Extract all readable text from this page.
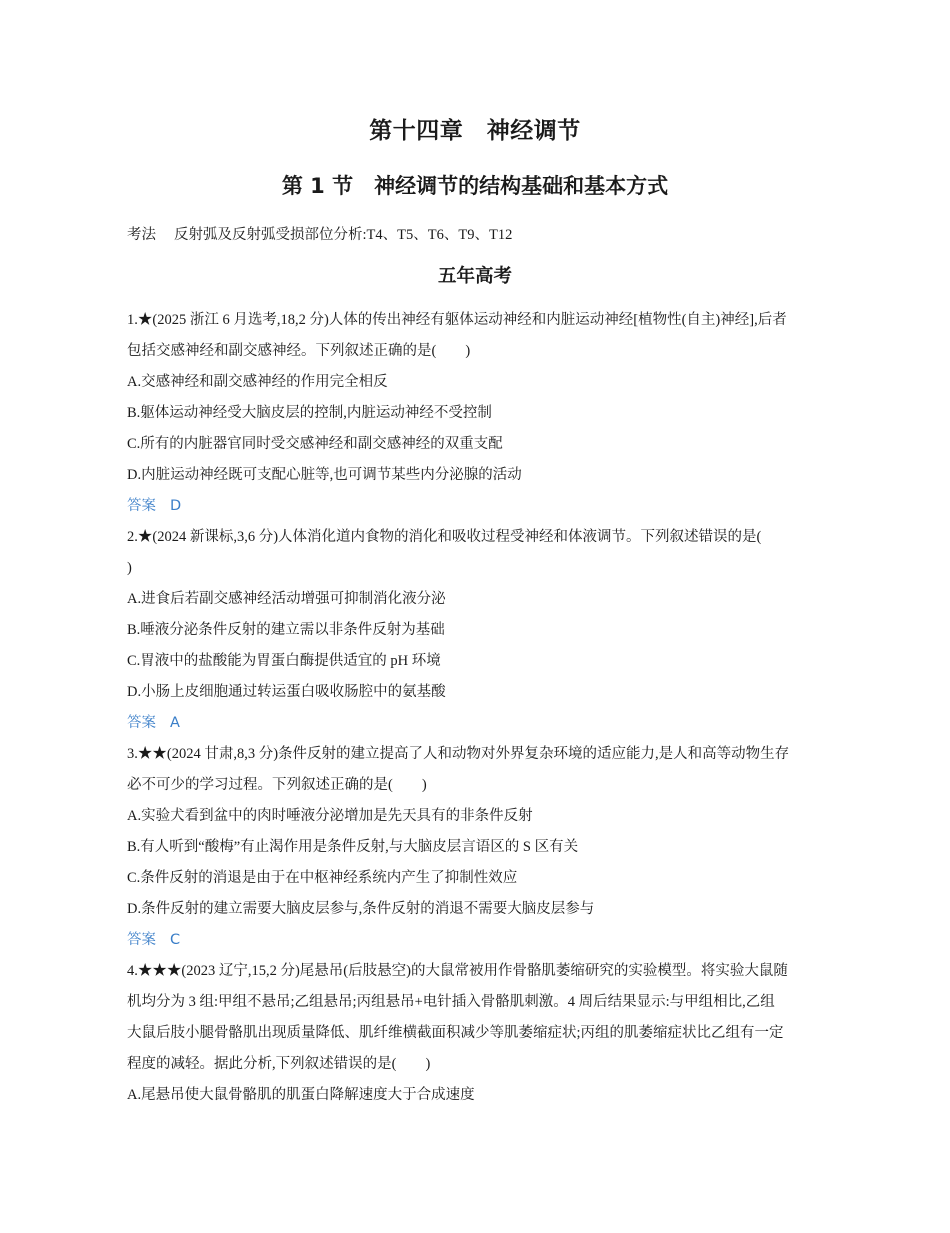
第十四章　神经调节
第 1 节　神经调节的结构基础和基本方式
考法 反射弧及反射弧受损部位分析:T4、T5、T6、T9、T12
五年高考
1.★(2025 浙江 6 月选考,18,2 分)人体的传出神经有躯体运动神经和内脏运动神经[植物性(自主)神经],后者
包括交感神经和副交感神经。下列叙述正确的是(　　)
A.交感神经和副交感神经的作用完全相反
B.躯体运动神经受大脑皮层的控制,内脏运动神经不受控制
C.所有的内脏器官同时受交感神经和副交感神经的双重支配
D.内脏运动神经既可支配心脏等,也可调节某些内分泌腺的活动
答案 D
2.★(2024 新课标,3,6 分)人体消化道内食物的消化和吸收过程受神经和体液调节。下列叙述错误的是(
)
A.进食后若副交感神经活动增强可抑制消化液分泌
B.唾液分泌条件反射的建立需以非条件反射为基础
C.胃液中的盐酸能为胃蛋白酶提供适宜的 pH 环境
D.小肠上皮细胞通过转运蛋白吸收肠腔中的氨基酸
答案 A
3.★★(2024 甘肃,8,3 分)条件反射的建立提高了人和动物对外界复杂环境的适应能力,是人和高等动物生存
必不可少的学习过程。下列叙述正确的是(　　)
A.实验犬看到盆中的肉时唾液分泌增加是先天具有的非条件反射
B.有人听到“酸梅”有止渴作用是条件反射,与大脑皮层言语区的 S 区有关
C.条件反射的消退是由于在中枢神经系统内产生了抑制性效应
D.条件反射的建立需要大脑皮层参与,条件反射的消退不需要大脑皮层参与
答案 C
4.★★★(2023 辽宁,15,2 分)尾悬吊(后肢悬空)的大鼠常被用作骨骼肌萎缩研究的实验模型。将实验大鼠随
机均分为 3 组:甲组不悬吊;乙组悬吊;丙组悬吊+电针插入骨骼肌刺激。4 周后结果显示:与甲组相比,乙组
大鼠后肢小腿骨骼肌出现质量降低、肌纤维横截面积减少等肌萎缩症状;丙组的肌萎缩症状比乙组有一定
程度的减轻。据此分析,下列叙述错误的是(　　)
A.尾悬吊使大鼠骨骼肌的肌蛋白降解速度大于合成速度
